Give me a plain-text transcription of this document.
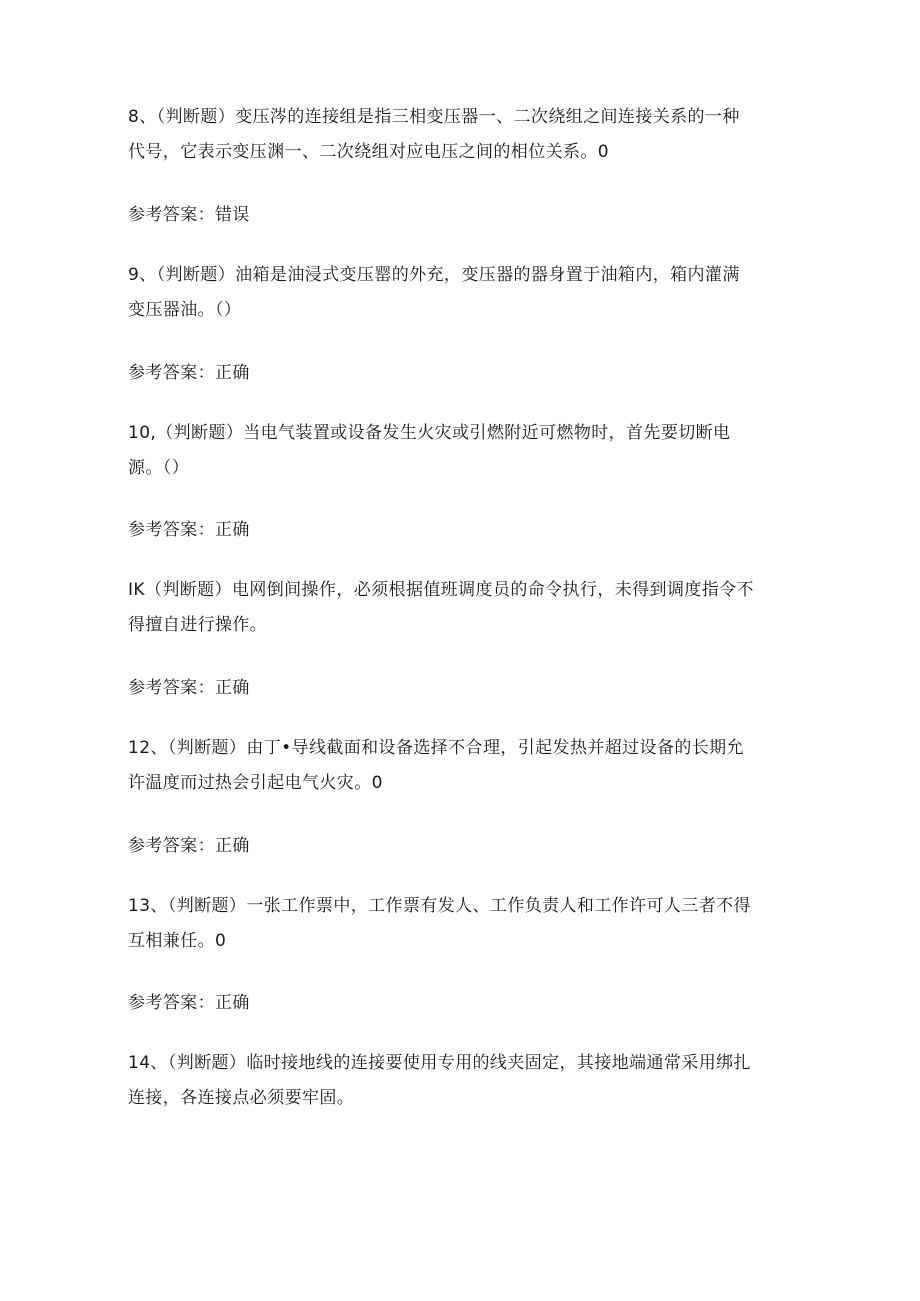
8、（判断题）变压涔的连接组是指三相变压器一、二次绕组之间连接关系的一种
代号，它表示变压渊一、二次绕组对应电压之间的相位关系。0
参考答案：错误
9、（判断题）油箱是油浸式变压罂的外充，变压器的器身置于油箱内，箱内灌满
变压器油。（）
参考答案：正确
10,（判断题）当电气装置或设备发生火灾或引燃附近可燃物时，首先要切断电
源。（）
参考答案：正确
IK（判断题）电网倒间操作，必须根据值班调度员的命令执行，未得到调度指令不
得擅自进行操作。
参考答案：正确
12、（判断题）由丁•导线截面和设备选择不合理，引起发热并超过设备的长期允
许温度而过热会引起电气火灾。0
参考答案：正确
13、（判断题）一张工作票中，工作票有发人、工作负责人和工作许可人三者不得
互相兼任。0
参考答案：正确
14、（判断题）临时接地线的连接要使用专用的线夹固定，其接地端通常采用绑扎
连接，各连接点必须要牢固。
